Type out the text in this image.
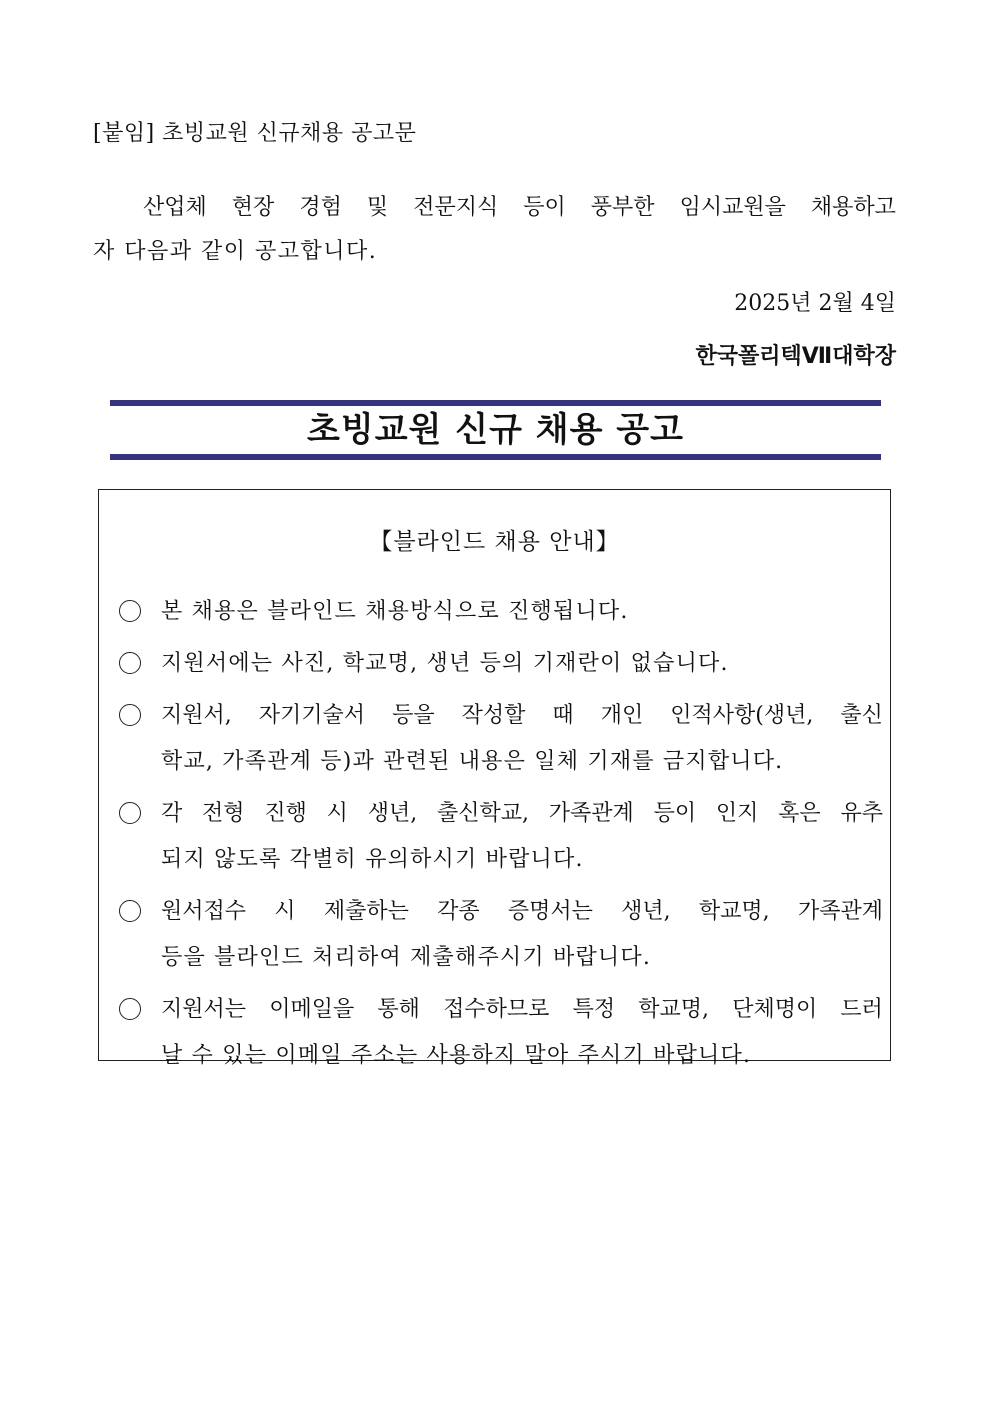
[붙임] 초빙교원 신규채용 공고문
산업체 현장 경험 및 전문지식 등이 풍부한 임시교원을 채용하고
자 다음과 같이 공고합니다.
2025년 2월 4일
한국폴리텍Ⅶ대학장
초빙교원 신규 채용 공고
【블라인드 채용 안내】
본 채용은 블라인드 채용방식으로 진행됩니다.
지원서에는 사진, 학교명, 생년 등의 기재란이 없습니다.
지원서, 자기기술서 등을 작성할 때 개인 인적사항(생년, 출신
학교, 가족관계 등)과 관련된 내용은 일체 기재를 금지합니다.
각 전형 진행 시 생년, 출신학교, 가족관계 등이 인지 혹은 유추
되지 않도록 각별히 유의하시기 바랍니다.
원서접수 시 제출하는 각종 증명서는 생년, 학교명, 가족관계
등을 블라인드 처리하여 제출해주시기 바랍니다.
지원서는 이메일을 통해 접수하므로 특정 학교명, 단체명이 드러
날 수 있는 이메일 주소는 사용하지 말아 주시기 바랍니다.
